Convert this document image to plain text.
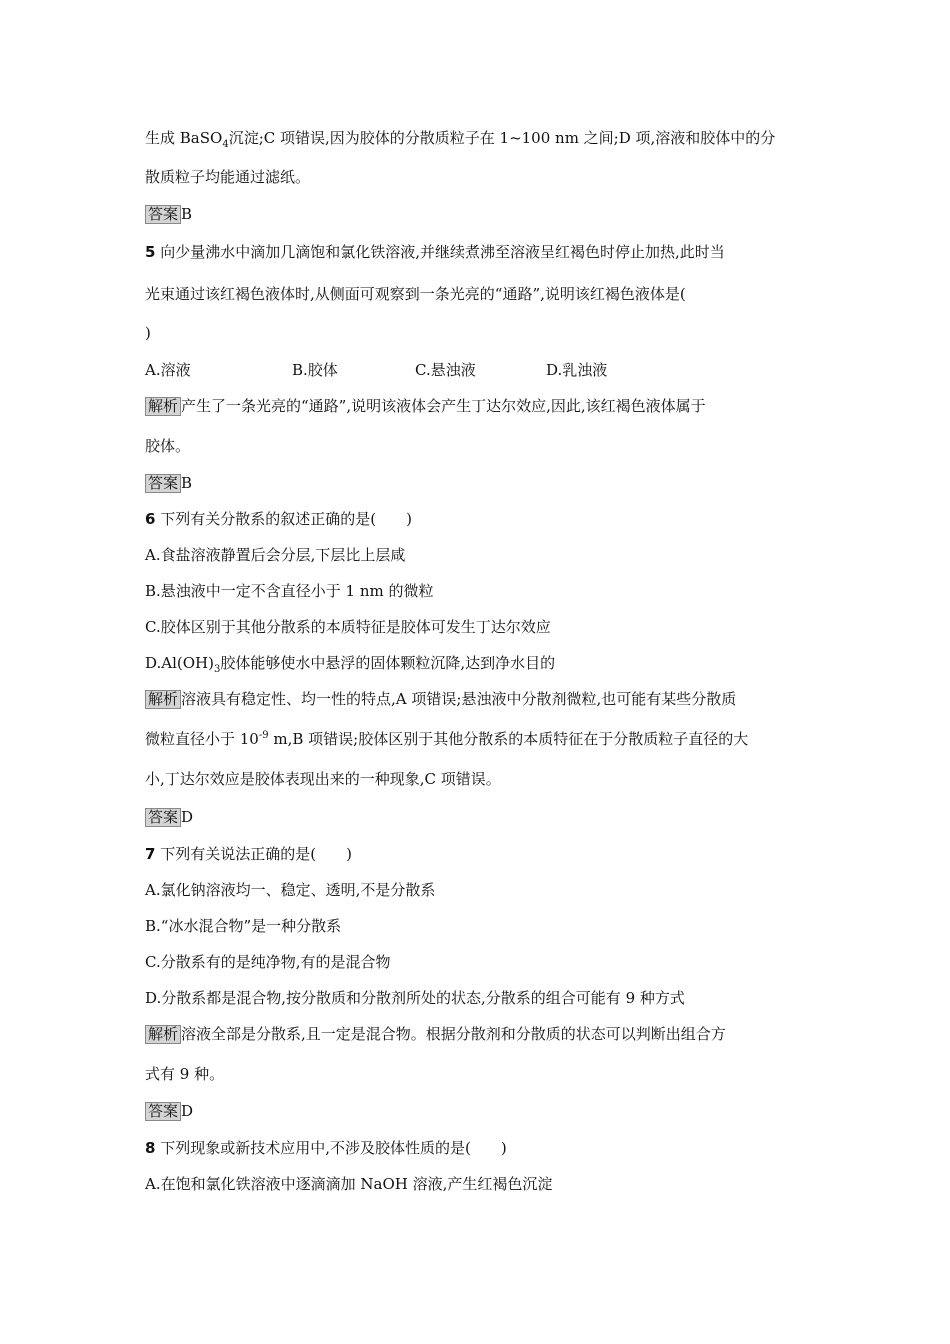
生成 BaSO$_4$沉淀;C 项错误,因为胶体的分散质粒子在 1~100 nm 之间;D 项,溶液和胶体中的分
散质粒子均能通过滤纸。
答案 B
5 向少量沸水中滴加几滴饱和氯化铁溶液,并继续煮沸至溶液呈红褐色时停止加热,此时当
光束通过该红褐色液体时,从侧面可观察到一条光亮的“通路”,说明该红褐色液体是(
)
A.溶液	B.胶体	C.悬浊液	D.乳浊液
解析 产生了一条光亮的“通路”,说明该液体会产生丁达尔效应,因此,该红褐色液体属于
胶体。
答案 B
6 下列有关分散系的叙述正确的是(　　)
A.食盐溶液静置后会分层,下层比上层咸
B.悬浊液中一定不含直径小于 1 nm 的微粒
C.胶体区别于其他分散系的本质特征是胶体可发生丁达尔效应
$D.Al(OH)_3$胶体能够使水中悬浮的固体颗粒沉降,达到净水目的
解析 溶液具有稳定性、均一性的特点,A 项错误;悬浊液中分散剂微粒,也可能有某些分散质
微粒直径小于 $10^{-9}$ m,B 项错误;胶体区别于其他分散系的本质特征在于分散质粒子直径的大
小,丁达尔效应是胶体表现出来的一种现象,C 项错误。
答案 D
7 下列有关说法正确的是(　　)
A.氯化钠溶液均一、稳定、透明,不是分散系
B.“冰水混合物”是一种分散系
C.分散系有的是纯净物,有的是混合物
D.分散系都是混合物,按分散质和分散剂所处的状态,分散系的组合可能有 9 种方式
解析 溶液全部是分散系,且一定是混合物。根据分散剂和分散质的状态可以判断出组合方
式有 9 种。
答案 D
8 下列现象或新技术应用中,不涉及胶体性质的是(　　)
A.在饱和氯化铁溶液中逐滴滴加 NaOH 溶液,产生红褐色沉淀
